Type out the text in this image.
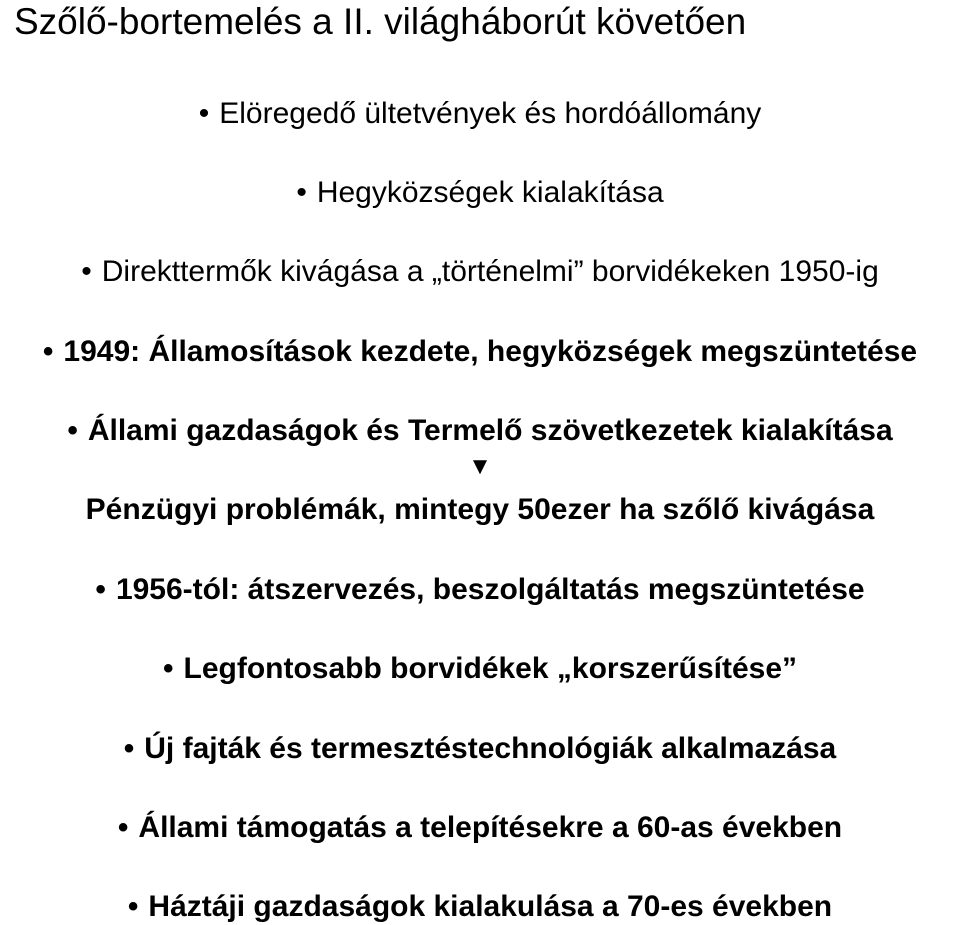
Szőlő-bortemelés a II. világháborút követően
• Elöregedő ültetvények és hordóállomány
• Hegyközségek kialakítása
• Direkttermők kivágása a „történelmi” borvidékeken 1950-ig
• 1949: Államosítások kezdete, hegyközségek megszüntetése
• Állami gazdaságok és Termelő szövetkezetek kialakítása
▼
Pénzügyi problémák, mintegy 50ezer ha szőlő kivágása
• 1956-tól: átszervezés, beszolgáltatás megszüntetése
• Legfontosabb borvidékek „korszerűsítése”
• Új fajták és termesztéstechnológiák alkalmazása
• Állami támogatás a telepítésekre a 60-as években
• Háztáji gazdaságok kialakulása a 70-es években
